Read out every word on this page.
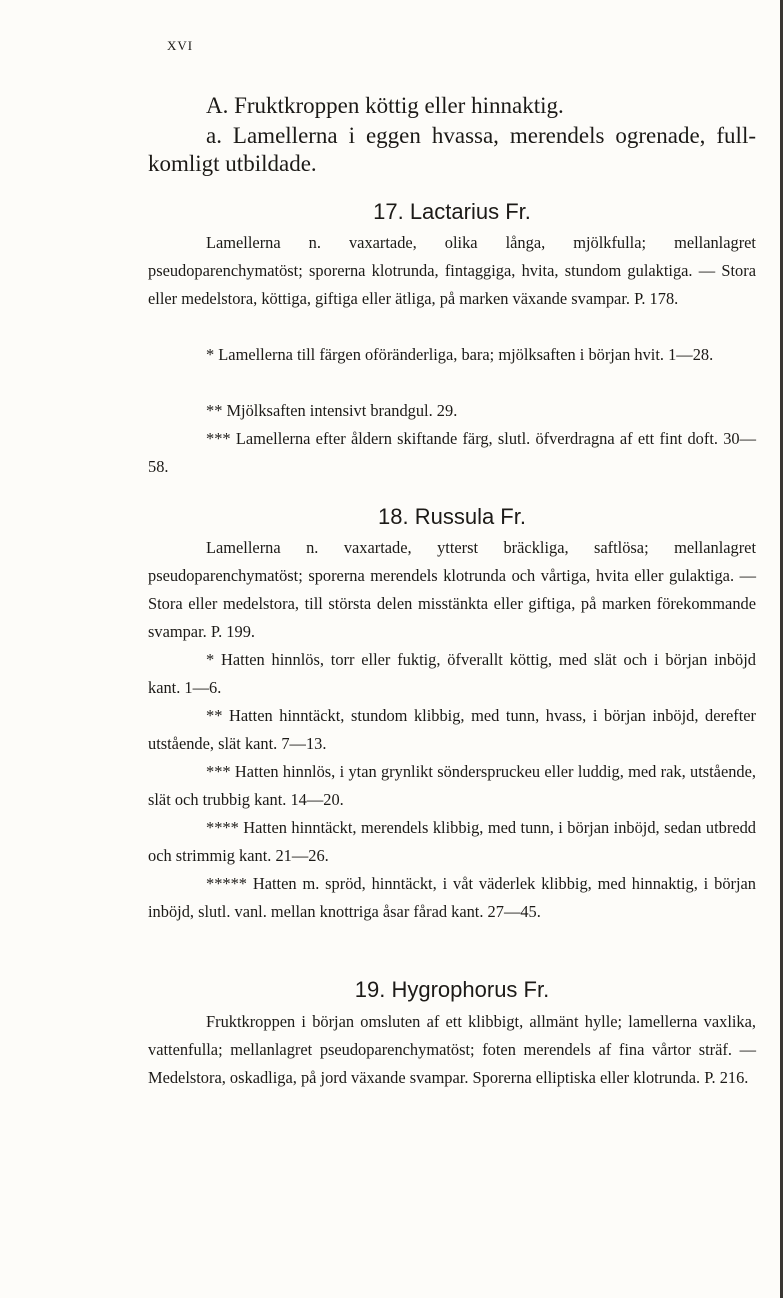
XVI

A. Fruktkroppen köttig eller hinnaktig.

a. Lamellerna i eggen hvassa, merendels ogrenade, full-komligt utbildade.

17. Lactarius Fr.

Lamellerna n. vaxartade, olika långa, mjölkfulla; mellanlagret pseudoparenchymatöst; sporerna klotrunda, fintaggiga, hvita, stundom gulaktiga. — Stora eller medelstora, köttiga, giftiga eller ätliga, på marken växande svampar. P. 178.

* Lamellerna till färgen oföränderliga, bara; mjölksaften i början hvit. 1—28.

** Mjölksaften intensivt brandgul. 29.

*** Lamellerna efter åldern skiftande färg, slutl. öfverdragna af ett fint doft. 30—58.

18. Russula Fr.

Lamellerna n. vaxartade, ytterst bräckliga, saftlösa; mellanlagret pseudoparenchymatöst; sporerna merendels klotrunda och vårtiga, hvita eller gulaktiga. — Stora eller medelstora, till största delen misstänkta eller giftiga, på marken förekommande svampar. P. 199.

* Hatten hinnlös, torr eller fuktig, öfverallt köttig, med slät och i början inböjd kant. 1—6.

** Hatten hinntäckt, stundom klibbig, med tunn, hvass, i början inböjd, derefter utstående, slät kant. 7—13.

*** Hatten hinnlös, i ytan grynlikt sönderspruckeu eller luddig, med rak, utstående, slät och trubbig kant. 14—20.

**** Hatten hinntäckt, merendels klibbig, med tunn, i början inböjd, sedan utbredd och strimmig kant. 21—26.

***** Hatten m. spröd, hinntäckt, i våt väderlek klibbig, med hinnaktig, i början inböjd, slutl. vanl. mellan knottriga åsar fårad kant. 27—45.

19. Hygrophorus Fr.

Fruktkroppen i början omsluten af ett klibbigt, allmänt hylle; lamellerna vaxlika, vattenfulla; mellanlagret pseudoparenchymatöst; foten merendels af fina vårtor sträf. — Medelstora, oskadliga, på jord växande svampar. Sporerna elliptiska eller klotrunda. P. 216.
